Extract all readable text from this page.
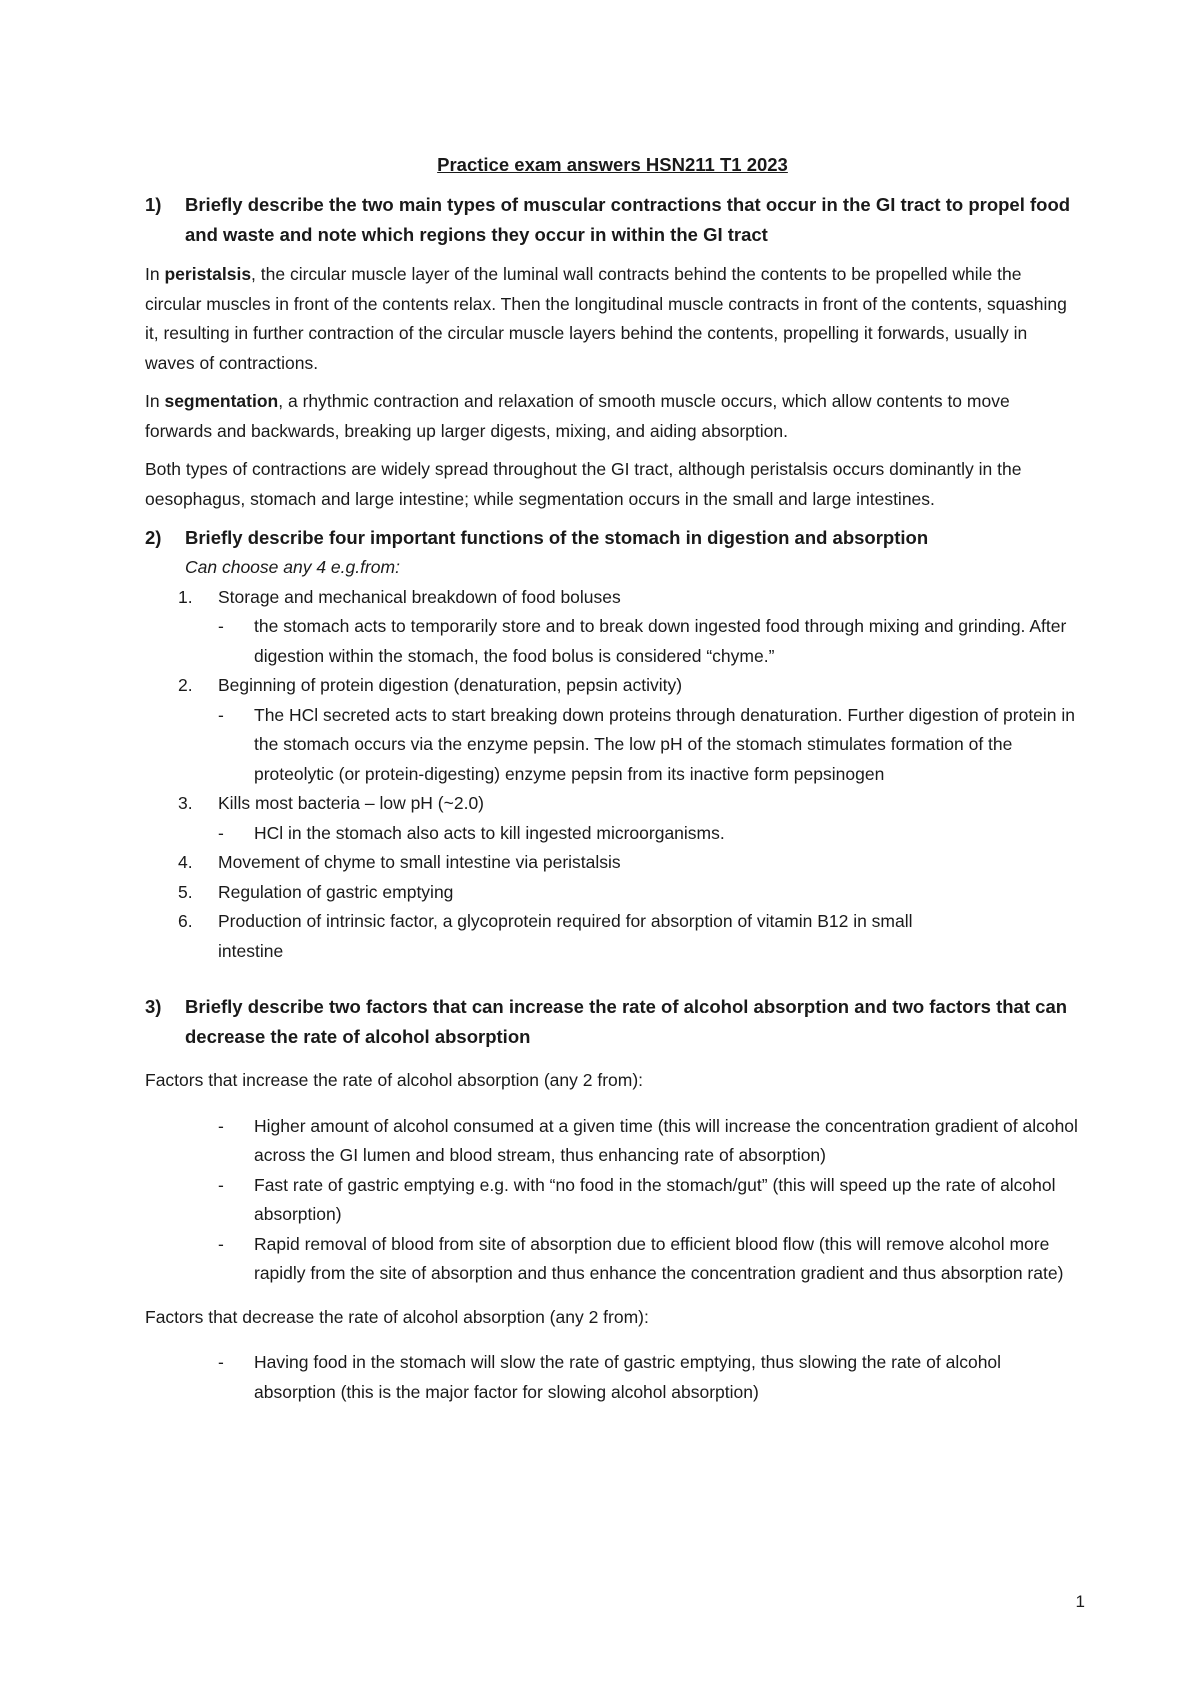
Practice exam answers HSN211 T1 2023
1)	Briefly describe the two main types of muscular contractions that occur in the GI tract to propel food and waste and note which regions they occur in within the GI tract

In peristalsis, the circular muscle layer of the luminal wall contracts behind the contents to be propelled while the circular muscles in front of the contents relax. Then the longitudinal muscle contracts in front of the contents, squashing it, resulting in further contraction of the circular muscle layers behind the contents, propelling it forwards, usually in waves of contractions.

In segmentation, a rhythmic contraction and relaxation of smooth muscle occurs, which allow contents to move forwards and backwards, breaking up larger digests, mixing, and aiding absorption.

Both types of contractions are widely spread throughout the GI tract, although peristalsis occurs dominantly in the oesophagus, stomach and large intestine; while segmentation occurs in the small and large intestines.

2)	Briefly describe four important functions of the stomach in digestion and absorption
Can choose any 4 e.g.from:
1.	Storage and mechanical breakdown of food boluses
-	the stomach acts to temporarily store and to break down ingested food through mixing and grinding. After digestion within the stomach, the food bolus is considered “chyme.”
2.	Beginning of protein digestion (denaturation, pepsin activity)
-	The HCl secreted acts to start breaking down proteins through denaturation. Further digestion of protein in the stomach occurs via the enzyme pepsin. The low pH of the stomach stimulates formation of the proteolytic (or protein-digesting) enzyme pepsin from its inactive form pepsinogen
3.	Kills most bacteria – low pH (~2.0)
-	HCl in the stomach also acts to kill ingested microorganisms.
4.	Movement of chyme to small intestine via peristalsis
5.	Regulation of gastric emptying
6.	Production of intrinsic factor, a glycoprotein required for absorption of vitamin B12 in small intestine
3)	Briefly describe two factors that can increase the rate of alcohol absorption and two factors that can decrease the rate of alcohol absorption

Factors that increase the rate of alcohol absorption (any 2 from):

-	Higher amount of alcohol consumed at a given time (this will increase the concentration gradient of alcohol across the GI lumen and blood stream, thus enhancing rate of absorption)
-	Fast rate of gastric emptying e.g. with “no food in the stomach/gut” (this will speed up the rate of alcohol absorption)
-	Rapid removal of blood from site of absorption due to efficient blood flow (this will remove alcohol more rapidly from the site of absorption and thus enhance the concentration gradient and thus absorption rate)

Factors that decrease the rate of alcohol absorption (any 2 from):

-	Having food in the stomach will slow the rate of gastric emptying, thus slowing the rate of alcohol absorption (this is the major factor for slowing alcohol absorption)
1
